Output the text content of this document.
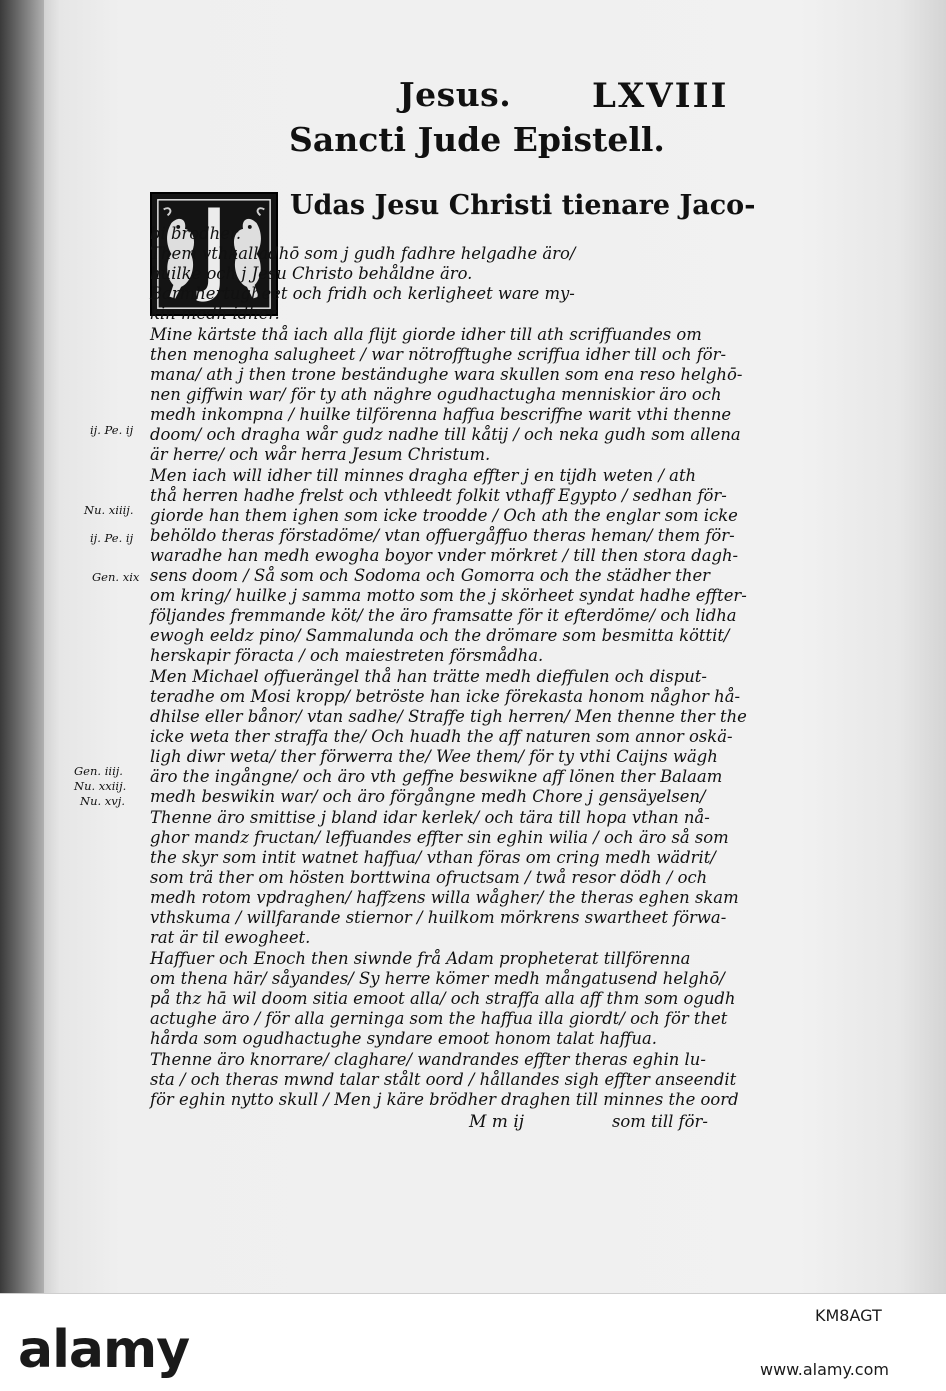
Jesus. LXVIII
Sancti Jude Epistell.
Udas Jesu Christi tienare Jaco-
bi brodher.
Them vthkalladhō som j gudh fadhre helgadhe äro/
huilke och j Jesu Christo behåldne äro.
Barmhertugheet och fridh och kerligheet ware my-
kin medh idher.
Mine kärtste thå iach alla flijt giorde idher till ath scriffuandes om
then menogha salugheet / war nötrofftughe scriffua idher till och för-
mana/ ath j then trone beständughe wara skullen som ena reso helghō-
nen giffwin war/ för ty ath näghre ogudhactugha menniskior äro och
medh inkompna / huilke tilförenna haffua bescriffne warit vthi thenne
doom/ och dragha wår gudz nadhe till kåtij / och neka gudh som allena
är herre/ och wår herra Jesum Christum.
Men iach will idher till minnes dragha effter j en tijdh weten / ath
thå herren hadhe frelst och vthleedt folkit vthaff Egypto / sedhan för-
giorde han them ighen som icke troodde / Och ath the englar som icke
behöldo theras förstadöme/ vtan offuergåffuo theras heman/ them för-
waradhe han medh ewogha boyor vnder mörkret / till then stora dagh-
sens doom / Så som och Sodoma och Gomorra och the städher ther
om kring/ huilke j samma motto som the j skörheet syndat hadhe effter-
följandes fremmande köt/ the äro framsatte för it efterdöme/ och lidha
ewogh eeldz pino/ Sammalunda och the drömare som besmitta köttit/
herskapir föracta / och maiestreten försmådha.
Men Michael offuerängel thå han trätte medh dieffulen och disput-
teradhe om Mosi kropp/ betröste han icke förekasta honom någhor hå-
dhilse eller bånor/ vtan sadhe/ Straffe tigh herren/ Men thenne ther the
icke weta ther straffa the/ Och huadh the aff naturen som annor oskä-
ligh diwr weta/ ther förwerra the/ Wee them/ för ty vthi Caijns wägh
äro the ingångne/ och äro vth geffne beswikne aff lönen ther Balaam
medh beswikin war/ och äro förgångne medh Chore j gensäyelsen/
Thenne äro smittise j bland idar kerlek/ och tära till hopa vthan nå-
ghor mandz fructan/ leffuandes effter sin eghin wilia / och äro så som
the skyr som intit watnet haffua/ vthan föras om cring medh wädrit/
som trä ther om hösten borttwina ofructsam / twå resor dödh / och
medh rotom vpdraghen/ haffzens willa wågher/ the theras eghen skam
vthskuma / willfarande stiernor / huilkom mörkrens swartheet förwa-
rat är til ewogheet.
Haffuer och Enoch then siwnde frå Adam propheterat tillförenna
om thena här/ såyandes/ Sy herre kömer medh mångatusend helghō/
på thz hā wil doom sitia emoot alla/ och straffa alla aff thm som ogudh
actughe äro / för alla gerninga som the haffua illa giordt/ och för thet
hårda som ogudhactughe syndare emoot honom talat haffua.
Thenne äro knorrare/ claghare/ wandrandes effter theras eghin lu-
sta / och theras mwnd talar stålt oord / hållandes sigh effter anseendit
för eghin nytto skull / Men j käre brödher draghen till minnes the oord
ij. Pe. ij
Nu. xiiij.
ij. Pe. ij
Gen. xix
Gen. iiij.
Nu. xxiij.
Nu. xvj.
M m ij	som till för-
alamy
KM8AGT
www.alamy.com
